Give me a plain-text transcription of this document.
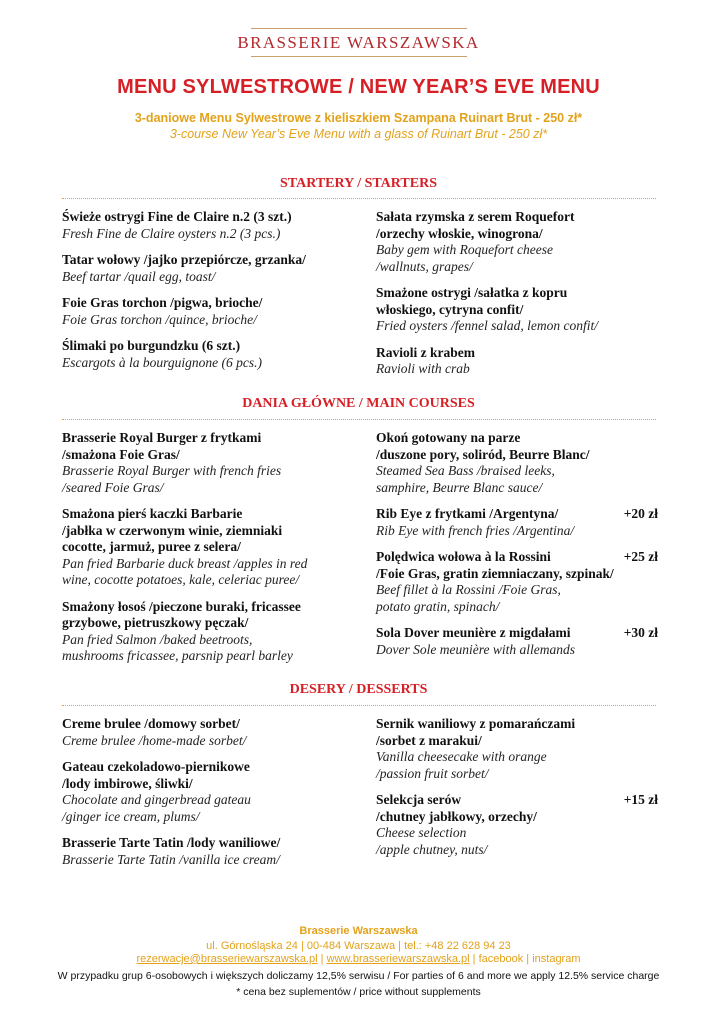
BRASSERIE WARSZAWSKA
MENU SYLWESTROWE / NEW YEAR’S EVE MENU
3-daniowe Menu Sylwestrowe z kieliszkiem Szampana Ruinart Brut - 250 zł*
3-course New Year’s Eve Menu with a glass of Ruinart Brut - 250 zł*
STARTERY / STARTERS
Świeże ostrygi Fine de Claire n.2 (3 szt.)
Fresh Fine de Claire oysters n.2 (3 pcs.)
Tatar wołowy /jajko przepiórcze, grzanka/
Beef tartar /quail egg, toast/
Foie Gras torchon /pigwa, brioche/
Foie Gras torchon /quince, brioche/
Ślimaki po burgundzku (6 szt.)
Escargots à la bourguignone (6 pcs.)
Sałata rzymska z serem Roquefort
/orzechy włoskie, winogrona/
Baby gem with Roquefort cheese
/wallnuts, grapes/
Smażone ostrygi /sałatka z kopru
włoskiego, cytryna confit/
Fried oysters /fennel salad, lemon confit/
Ravioli z krabem
Ravioli with crab
DANIA GŁÓWNE / MAIN COURSES
Brasserie Royal Burger z frytkami
/smażona Foie Gras/
Brasserie Royal Burger with french fries
/seared Foie Gras/
Smażona pierś kaczki Barbarie
/jabłka w czerwonym winie, ziemniaki
cocotte, jarmuż, puree z selera/
Pan fried Barbarie duck breast /apples in red
wine, cocotte potatoes, kale, celeriac puree/
Smażony łosoś /pieczone buraki, fricassee
grzybowe, pietruszkowy pęczak/
Pan fried Salmon /baked beetroots,
mushrooms fricassee, parsnip pearl barley
Okoń gotowany na parze
/duszone pory, soliród, Beurre Blanc/
Steamed Sea Bass /braised leeks,
samphire, Beurre Blanc sauce/
Rib Eye z frytkami /Argentyna/
Rib Eye with french fries /Argentina/
+20 zł
Polędwica wołowa à la Rossini
/Foie Gras, gratin ziemniaczany, szpinak/
Beef fillet à la Rossini /Foie Gras,
potato gratin, spinach/
+25 zł
Sola Dover meunière z migdałami
Dover Sole meunière with allemands
+30 zł
DESERY / DESSERTS
Creme brulee /domowy sorbet/
Creme brulee /home-made sorbet/
Gateau czekoladowo-piernikowe
/lody imbirowe, śliwki/
Chocolate and gingerbread gateau
/ginger ice cream, plums/
Brasserie Tarte Tatin /lody waniliowe/
Brasserie Tarte Tatin /vanilla ice cream/
Sernik waniliowy z pomarańczami
/sorbet z marakui/
Vanilla cheesecake with orange
/passion fruit sorbet/
Selekcja serów
/chutney jabłkowy, orzechy/
Cheese selection
/apple chutney, nuts/
+15 zł
Brasserie Warszawska
ul. Górnośląska 24 | 00-484 Warszawa | tel.: +48 22 628 94 23
rezerwacje@brasseriewarszawska.pl | www.brasseriewarszawska.pl | facebook | instagram
W przypadku grup 6-osobowych i większych doliczamy 12,5% serwisu / For parties of 6 and more we apply 12.5% service charge
* cena bez suplementów / price without supplements
